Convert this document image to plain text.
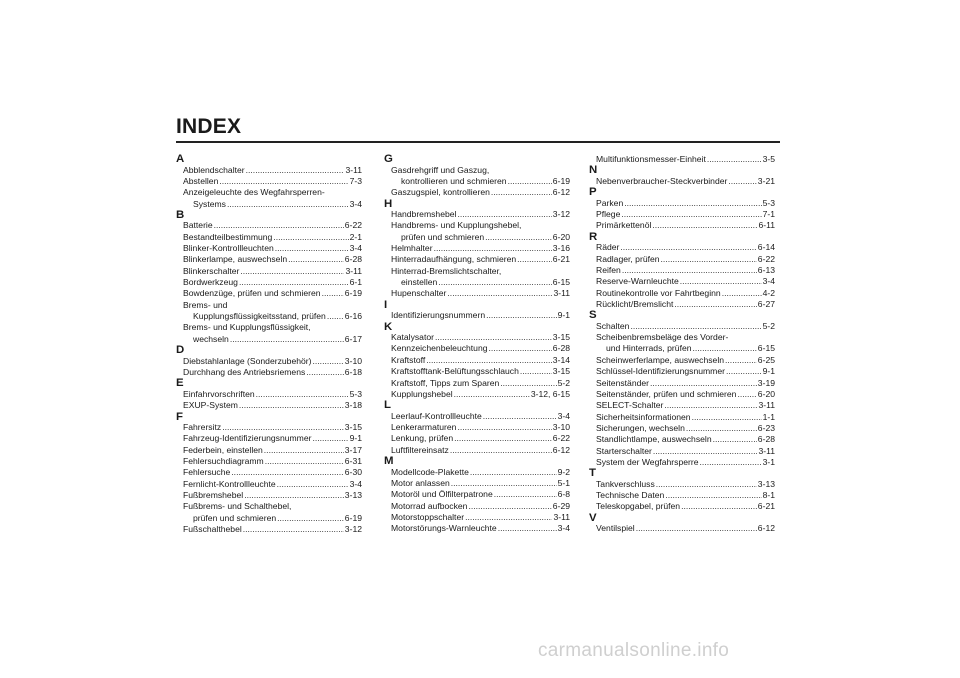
INDEX
A
Abblendschalter .....	3-11
Abstellen .....	7-3
Anzeigeleuchte des Wegfahrsperren-
Systems .....	3-4
B
Batterie .....	6-22
Bestandteilbestimmung .....	2-1
Blinker-Kontrollleuchten .....	3-4
Blinkerlampe, auswechseln .....	6-28
Blinkerschalter .....	3-11
Bordwerkzeug .....	6-1
Bowdenzüge, prüfen und schmieren .....	6-19
Brems- und
Kupplungsflüssigkeitsstand, prüfen ..... 6-16
Brems- und Kupplungsflüssigkeit,
wechseln .....	6-17
D
Diebstahlanlage (Sonderzubehör) .....	3-10
Durchhang des Antriebsriemens .....	6-18
E
Einfahrvorschriften .....	5-3
EXUP-System .....	3-18
F
Fahrersitz .....	3-15
Fahrzeug-Identifizierungsnummer .....	9-1
Federbein, einstellen .....	3-17
Fehlersuchdiagramm .....	6-31
Fehlersuche .....	6-30
Fernlicht-Kontrollleuchte .....	3-4
Fußbremshebel .....	3-13
Fußbrems- und Schalthebel,
prüfen und schmieren .....	6-19
Fußschalthebel .....	3-12
G
Gasdrehgriff und Gaszug,
kontrollieren und schmieren .....	6-19
Gaszugspiel, kontrollieren .....	6-12
H
Handbremshebel .....	3-12
Handbrems- und Kupplungshebel,
prüfen und schmieren .....	6-20
Helmhalter .....	3-16
Hinterradaufhängung, schmieren .....	6-21
Hinterrad-Bremslichtschalter,
einstellen .....	6-15
Hupenschalter .....	3-11
I
Identifizierungsnummern .....	9-1
K
Katalysator .....	3-15
Kennzeichenbeleuchtung .....	6-28
Kraftstoff .....	3-14
Kraftstofftank-Belüftungsschlauch .....	3-15
Kraftstoff, Tipps zum Sparen .....	5-2
Kupplungshebel .....	3-12, 6-15
L
Leerlauf-Kontrollleuchte .....	3-4
Lenkerarmaturen .....	3-10
Lenkung, prüfen .....	6-22
Luftfiltereinsatz .....	6-12
M
Modellcode-Plakette .....	9-2
Motor anlassen .....	5-1
Motoröl und Ölfilterpatrone .....	6-8
Motorrad aufbocken .....	6-29
Motorstoppschalter .....	3-11
Motorstörungs-Warnleuchte .....	3-4
Multifunktionsmesser-Einheit .....	3-5
N
Nebenverbraucher-Steckverbinder .....	3-21
P
Parken .....	5-3
Pflege .....	7-1
Primärkettenöl .....	6-11
R
Räder .....	6-14
Radlager, prüfen .....	6-22
Reifen .....	6-13
Reserve-Warnleuchte .....	3-4
Routinekontrolle vor Fahrtbeginn .....	4-2
Rücklicht/Bremslicht .....	6-27
S
Schalten .....	5-2
Scheibenbremsbeläge des Vorder-
und Hinterrads, prüfen .....	6-15
Scheinwerferlampe, auswechseln .....	6-25
Schlüssel-Identifizierungsnummer .....	9-1
Seitenständer .....	3-19
Seitenständer, prüfen und schmieren ..... 6-20
SELECT-Schalter .....	3-11
Sicherheitsinformationen .....	1-1
Sicherungen, wechseln .....	6-23
Standlichtlampe, auswechseln .....	6-28
Starterschalter .....	3-11
System der Wegfahrsperre .....	3-1
T
Tankverschluss .....	3-13
Technische Daten .....	8-1
Teleskopgabel, prüfen .....	6-21
V
Ventilspiel .....	6-12
carmanualsonline.info
